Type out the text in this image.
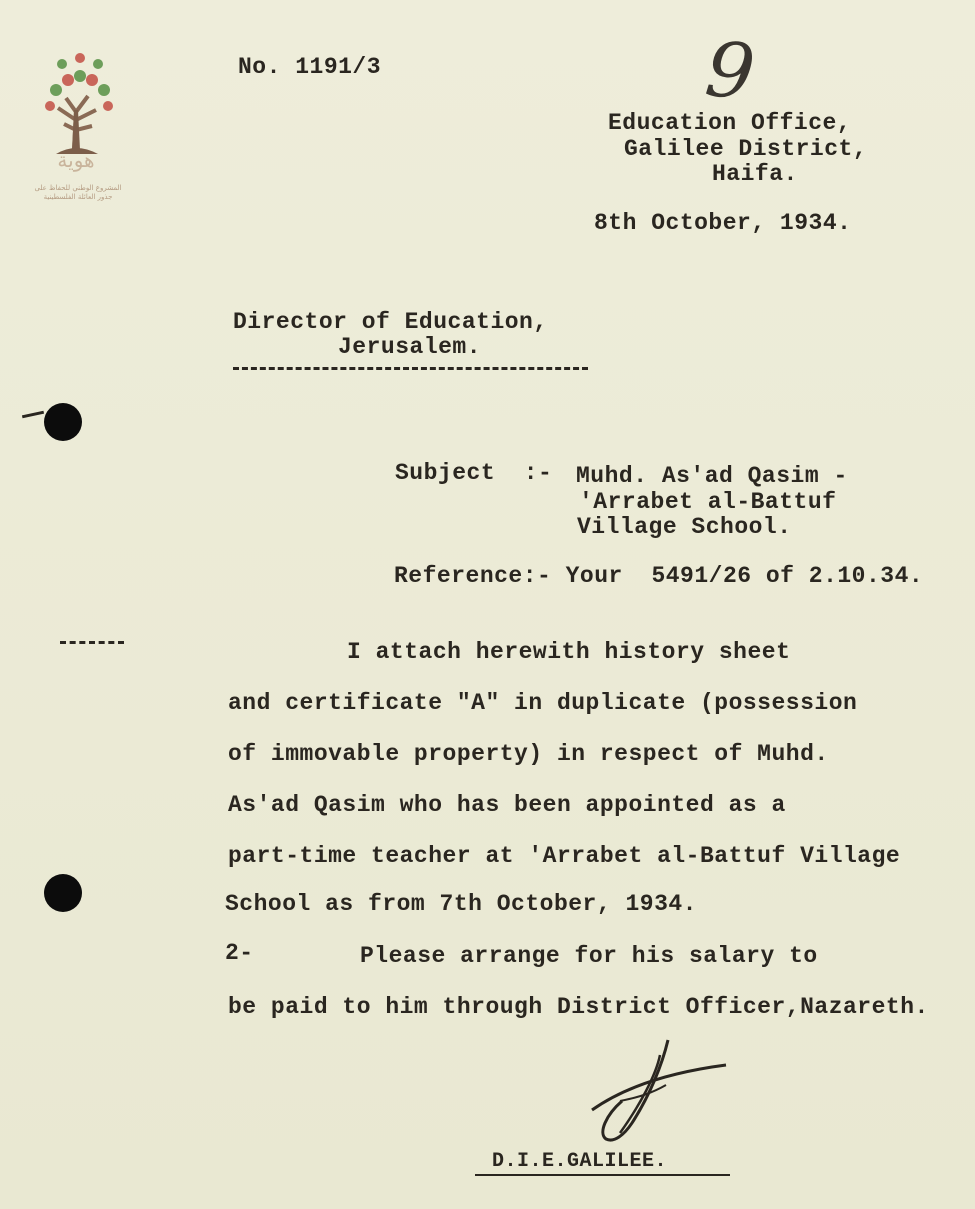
هوية
المشروع الوطني للحفاظ على جذور العائلة الفلسطينية
9
No. 1191/3
Education Office,
Galilee District,
Haifa.
8th October, 1934.
Director of Education,
Jerusalem.
Subject  :- Muhd. As'ad Qasim -
'Arrabet al-Battuf
Village School.
Reference:- Your  5491/26 of 2.10.34.
I attach herewith history sheet
and certificate "A" in duplicate (possession
of immovable property) in respect of Muhd.
As'ad Qasim who has been appointed as a
part-time teacher at 'Arrabet al-Battuf Village
School as from 7th October, 1934.
2-	Please arrange for his salary to
be paid to him through District Officer,Nazareth.
D.I.E.GALILEE.
